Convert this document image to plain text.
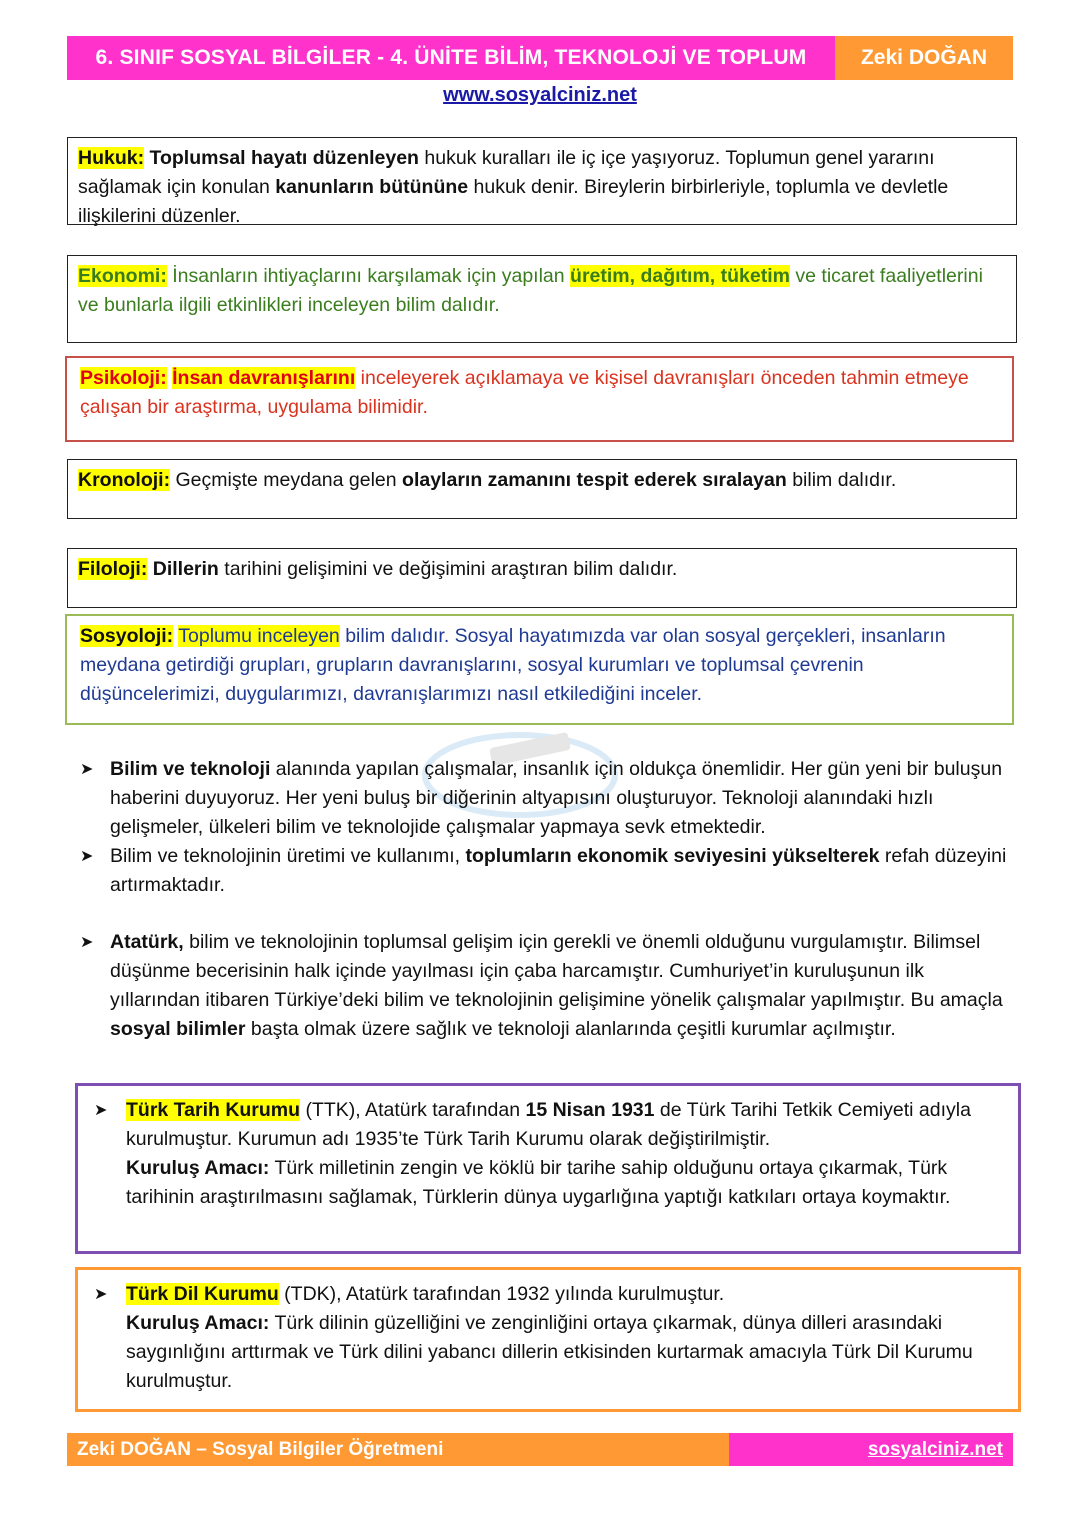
6. SINIF SOSYAL BİLGİLER - 4. ÜNİTE BİLİM, TEKNOLOJİ VE TOPLUM	Zeki DOĞAN
www.sosyalciniz.net
Hukuk: Toplumsal hayatı düzenleyen hukuk kuralları ile iç içe yaşıyoruz. Toplumun genel yararını sağlamak için konulan kanunların bütününe hukuk denir. Bireylerin birbirleriyle, toplumla ve devletle ilişkilerini düzenler.
Ekonomi: İnsanların ihtiyaçlarını karşılamak için yapılan üretim, dağıtım, tüketim ve ticaret faaliyetlerini ve bunlarla ilgili etkinlikleri inceleyen bilim dalıdır.
Psikoloji: İnsan davranışlarını inceleyerek açıklamaya ve kişisel davranışları önceden tahmin etmeye çalışan bir araştırma, uygulama bilimidir.
Kronoloji: Geçmişte meydana gelen olayların zamanını tespit ederek sıralayan bilim dalıdır.
Filoloji: Dillerin tarihini gelişimini ve değişimini araştıran bilim dalıdır.
Sosyoloji: Toplumu inceleyen bilim dalıdır. Sosyal hayatımızda var olan sosyal gerçekleri, insanların meydana getirdiği grupları, grupların davranışlarını, sosyal kurumları ve toplumsal çevrenin düşüncelerimizi, duygularımızı, davranışlarımızı nasıl etkilediğini inceler.
➤ Bilim ve teknoloji alanında yapılan çalışmalar, insanlık için oldukça önemlidir. Her gün yeni bir buluşun haberini duyuyoruz. Her yeni buluş bir diğerinin altyapısını oluşturuyor. Teknoloji alanındaki hızlı gelişmeler, ülkeleri bilim ve teknolojide çalışmalar yapmaya sevk etmektedir.
➤ Bilim ve teknolojinin üretimi ve kullanımı, toplumların ekonomik seviyesini yükselterek refah düzeyini artırmaktadır.
➤ Atatürk, bilim ve teknolojinin toplumsal gelişim için gerekli ve önemli olduğunu vurgulamıştır. Bilimsel düşünme becerisinin halk içinde yayılması için çaba harcamıştır. Cumhuriyet’in kuruluşunun ilk yıllarından itibaren Türkiye’deki bilim ve teknolojinin gelişimine yönelik çalışmalar yapılmıştır. Bu amaçla sosyal bilimler başta olmak üzere sağlık ve teknoloji alanlarında çeşitli kurumlar açılmıştır.
➤ Türk Tarih Kurumu (TTK), Atatürk tarafından 15 Nisan 1931 de Türk Tarihi Tetkik Cemiyeti adıyla kurulmuştur. Kurumun adı 1935’te Türk Tarih Kurumu olarak değiştirilmiştir.
Kuruluş Amacı: Türk milletinin zengin ve köklü bir tarihe sahip olduğunu ortaya çıkarmak, Türk tarihinin araştırılmasını sağlamak, Türklerin dünya uygarlığına yaptığı katkıları ortaya koymaktır.
➤ Türk Dil Kurumu (TDK), Atatürk tarafından 1932 yılında kurulmuştur.
Kuruluş Amacı: Türk dilinin güzelliğini ve zenginliğini ortaya çıkarmak, dünya dilleri arasındaki saygınlığını arttırmak ve Türk dilini yabancı dillerin etkisinden kurtarmak amacıyla Türk Dil Kurumu kurulmuştur.
Zeki DOĞAN – Sosyal Bilgiler Öğretmeni	sosyalciniz.net
